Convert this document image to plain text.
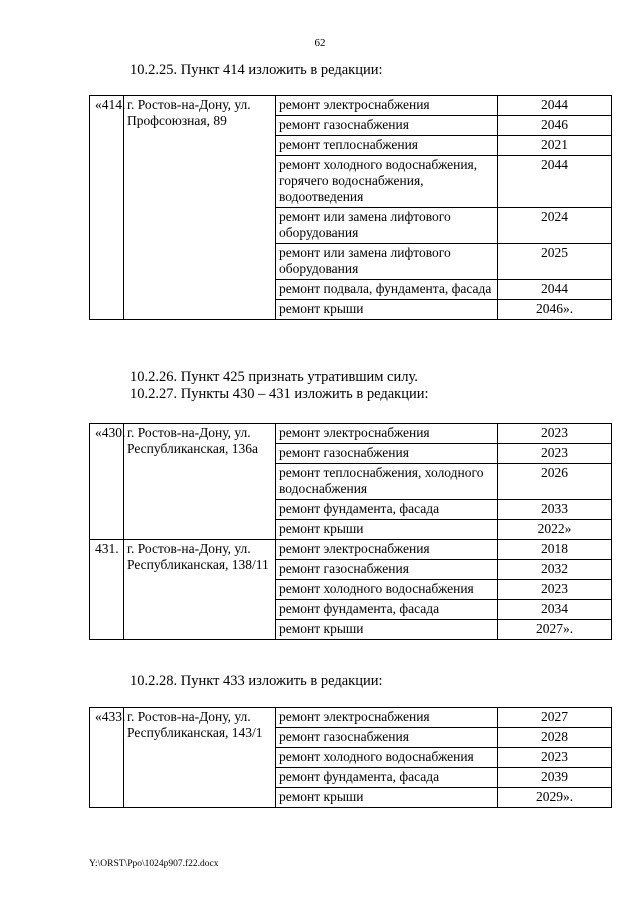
62
10.2.25. Пункт 414 изложить в редакции:
«414.	г. Ростов-на-Дону, ул. Профсоюзная, 89	ремонт электроснабжения	2044
		ремонт газоснабжения	2046
		ремонт теплоснабжения	2021
		ремонт холодного водоснабжения, горячего водоснабжения, водоотведения	2044
		ремонт или замена лифтового оборудования	2024
		ремонт или замена лифтового оборудования	2025
		ремонт подвала, фундамента, фасада	2044
		ремонт крыши	2046».
10.2.26. Пункт 425 признать утратившим силу.
10.2.27. Пункты 430 – 431 изложить в редакции:
«430.	г. Ростов-на-Дону, ул. Республиканская, 136а	ремонт электроснабжения	2023
		ремонт газоснабжения	2023
		ремонт теплоснабжения, холодного водоснабжения	2026
		ремонт фундамента, фасада	2033
		ремонт крыши	2022»
431.	г. Ростов-на-Дону, ул. Республиканская, 138/11	ремонт электроснабжения	2018
		ремонт газоснабжения	2032
		ремонт холодного водоснабжения	2023
		ремонт фундамента, фасада	2034
		ремонт крыши	2027».
10.2.28. Пункт 433 изложить в редакции:
«433.	г. Ростов-на-Дону, ул. Республиканская, 143/1	ремонт электроснабжения	2027
		ремонт газоснабжения	2028
		ремонт холодного водоснабжения	2023
		ремонт фундамента, фасада	2039
		ремонт крыши	2029».
Y:\ORST\Ppo\1024p907.f22.docx
